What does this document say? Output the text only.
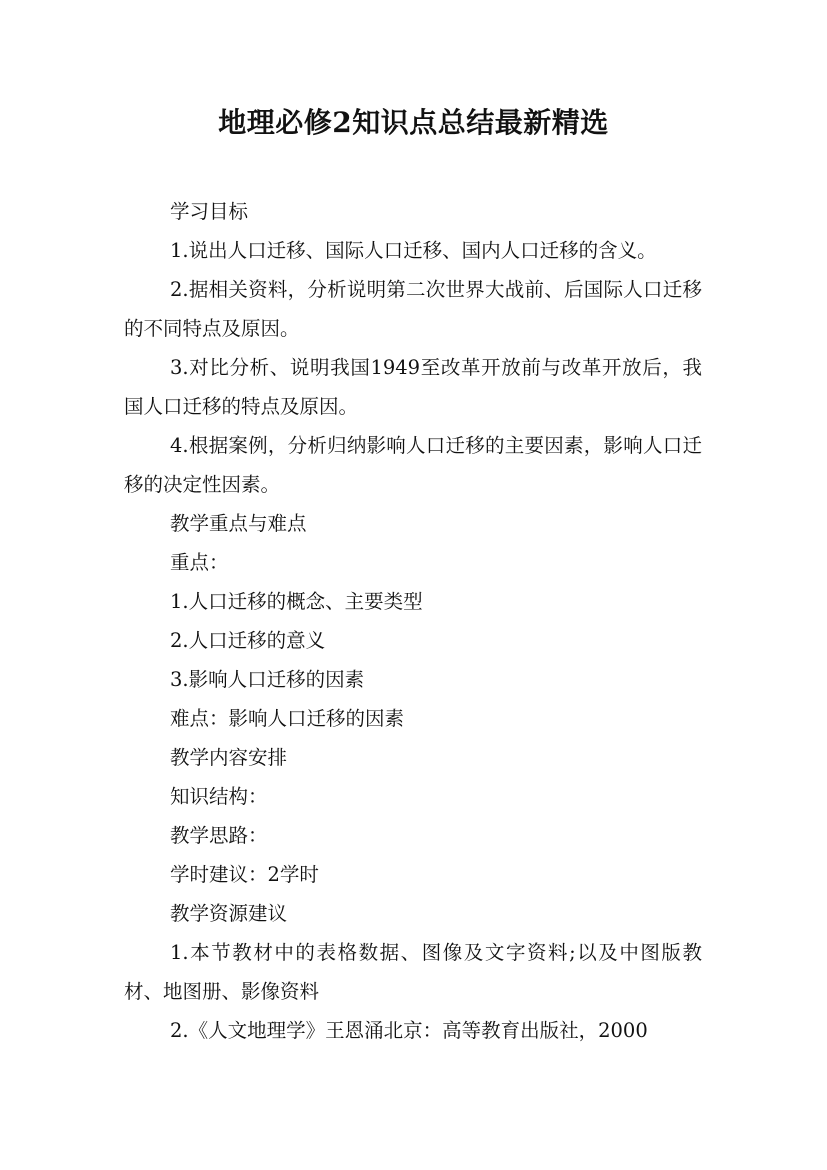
地理必修2知识点总结最新精选

学习目标

1.说出人口迁移、国际人口迁移、国内人口迁移的含义。

2.据相关资料，分析说明第二次世界大战前、后国际人口迁移的不同特点及原因。

3.对比分析、说明我国1949至改革开放前与改革开放后，我国人口迁移的特点及原因。

4.根据案例，分析归纳影响人口迁移的主要因素，影响人口迁移的决定性因素。

教学重点与难点

重点：

1.人口迁移的概念、主要类型

2.人口迁移的意义

3.影响人口迁移的因素

难点：影响人口迁移的因素

教学内容安排

知识结构：

教学思路：

学时建议：2学时

教学资源建议

1.本节教材中的表格数据、图像及文字资料;以及中图版教材、地图册、影像资料

2.《人文地理学》王恩涌北京：高等教育出版社，2000
